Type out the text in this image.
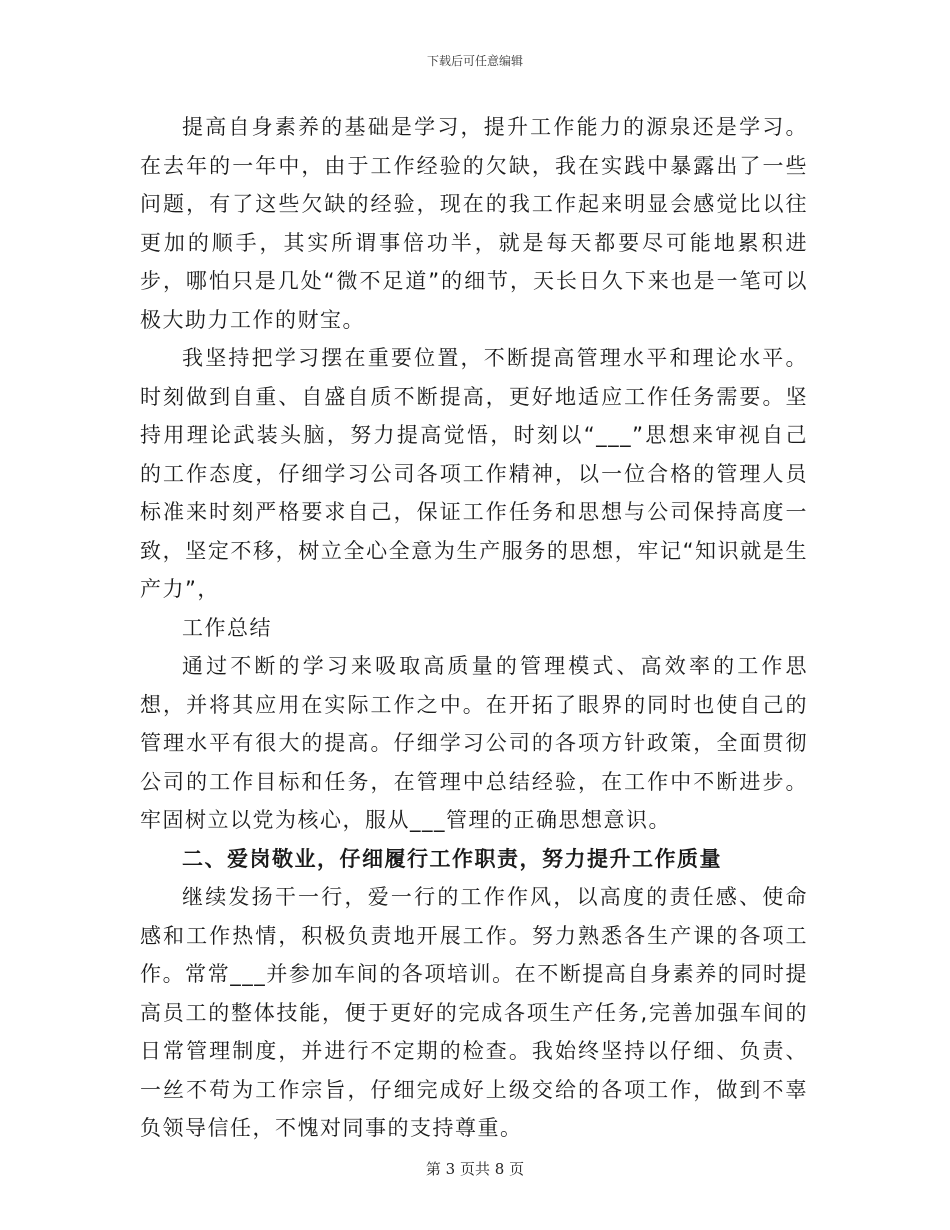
下载后可任意编辑

提高自身素养的基础是学习，提升工作能力的源泉还是学习。在去年的一年中，由于工作经验的欠缺，我在实践中暴露出了一些问题，有了这些欠缺的经验，现在的我工作起来明显会感觉比以往更加的顺手，其实所谓事倍功半，就是每天都要尽可能地累积进步，哪怕只是几处“微不足道”的细节，天长日久下来也是一笔可以极大助力工作的财宝。

我坚持把学习摆在重要位置，不断提高管理水平和理论水平。时刻做到自重、自盛自质不断提高，更好地适应工作任务需要。坚持用理论武装头脑，努力提高觉悟，时刻以“___”思想来审视自己的工作态度，仔细学习公司各项工作精神，以一位合格的管理人员标准来时刻严格要求自己，保证工作任务和思想与公司保持高度一致，坚定不移，树立全心全意为生产服务的思想，牢记“知识就是生产力”，

工作总结

通过不断的学习来吸取高质量的管理模式、高效率的工作思想，并将其应用在实际工作之中。在开拓了眼界的同时也使自己的管理水平有很大的提高。仔细学习公司的各项方针政策，全面贯彻公司的工作目标和任务，在管理中总结经验，在工作中不断进步。牢固树立以党为核心，服从___管理的正确思想意识。

二、爱岗敬业，仔细履行工作职责，努力提升工作质量

继续发扬干一行，爱一行的工作作风，以高度的责任感、使命感和工作热情，积极负责地开展工作。努力熟悉各生产课的各项工作。常常___并参加车间的各项培训。在不断提高自身素养的同时提高员工的整体技能，便于更好的完成各项生产任务,完善加强车间的日常管理制度，并进行不定期的检查。我始终坚持以仔细、负责、一丝不苟为工作宗旨，仔细完成好上级交给的各项工作，做到不辜负领导信任，不愧对同事的支持尊重。

第 3 页共 8 页
